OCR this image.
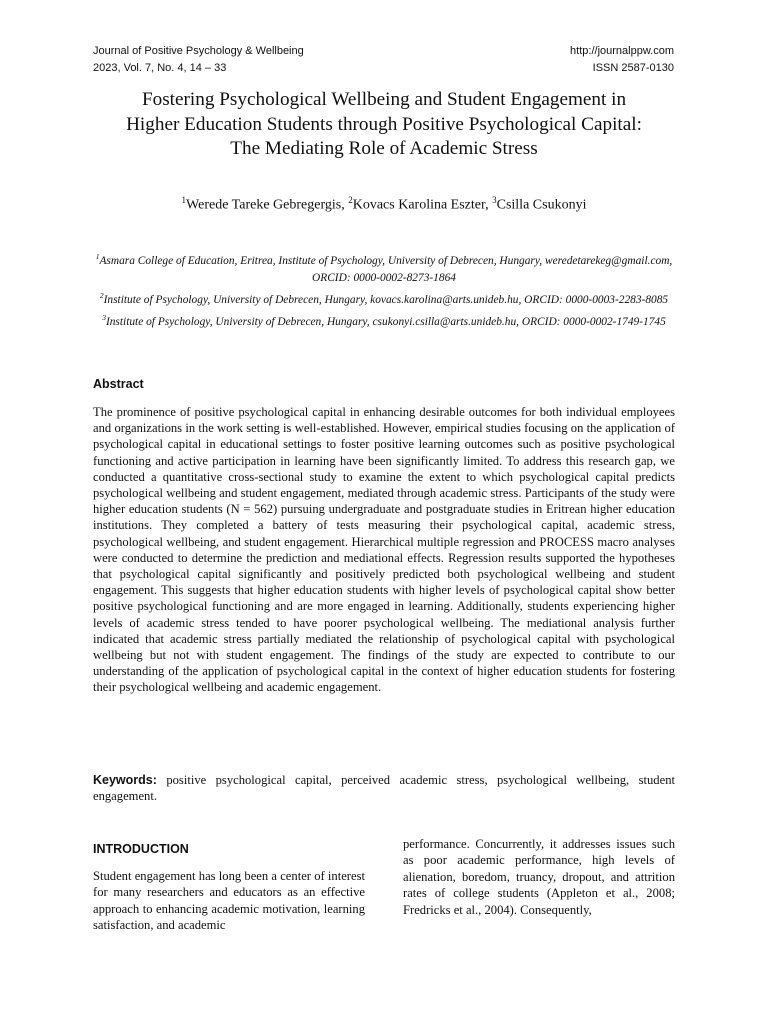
Journal of Positive Psychology & Wellbeing
2023, Vol. 7, No. 4, 14 – 33
http://journalppw.com
ISSN 2587-0130
Fostering Psychological Wellbeing and Student Engagement in
Higher Education Students through Positive Psychological Capital:
The Mediating Role of Academic Stress
$^1$Werede Tareke Gebregergis, $^2$Kovacs Karolina Eszter, $^3$Csilla Csukonyi
$^1$Asmara College of Education, Eritrea, Institute of Psychology, University of Debrecen, Hungary, weredetarekeg@gmail.com, ORCID: 0000-0002-8273-1864
$^2$Institute of Psychology, University of Debrecen, Hungary, kovacs.karolina@arts.unideb.hu, ORCID: 0000-0003-2283-8085
$^3$Institute of Psychology, University of Debrecen, Hungary, csukonyi.csilla@arts.unideb.hu, ORCID: 0000-0002-1749-1745
Abstract
The prominence of positive psychological capital in enhancing desirable outcomes for both individual employees and organizations in the work setting is well-established. However, empirical studies focusing on the application of psychological capital in educational settings to foster positive learning outcomes such as positive psychological functioning and active participation in learning have been significantly limited. To address this research gap, we conducted a quantitative cross-sectional study to examine the extent to which psychological capital predicts psychological wellbeing and student engagement, mediated through academic stress. Participants of the study were higher education students (N = 562) pursuing undergraduate and postgraduate studies in Eritrean higher education institutions. They completed a battery of tests measuring their psychological capital, academic stress, psychological wellbeing, and student engagement. Hierarchical multiple regression and PROCESS macro analyses were conducted to determine the prediction and mediational effects. Regression results supported the hypotheses that psychological capital significantly and positively predicted both psychological wellbeing and student engagement. This suggests that higher education students with higher levels of psychological capital show better positive psychological functioning and are more engaged in learning. Additionally, students experiencing higher levels of academic stress tended to have poorer psychological wellbeing. The mediational analysis further indicated that academic stress partially mediated the relationship of psychological capital with psychological wellbeing but not with student engagement. The findings of the study are expected to contribute to our understanding of the application of psychological capital in the context of higher education students for fostering their psychological wellbeing and academic engagement.
Keywords: positive psychological capital, perceived academic stress, psychological wellbeing, student engagement.
INTRODUCTION
Student engagement has long been a center of interest for many researchers and educators as an effective approach to enhancing academic motivation, learning satisfaction, and academic
performance. Concurrently, it addresses issues such as poor academic performance, high levels of alienation, boredom, truancy, dropout, and attrition rates of college students (Appleton et al., 2008; Fredricks et al., 2004). Consequently,
